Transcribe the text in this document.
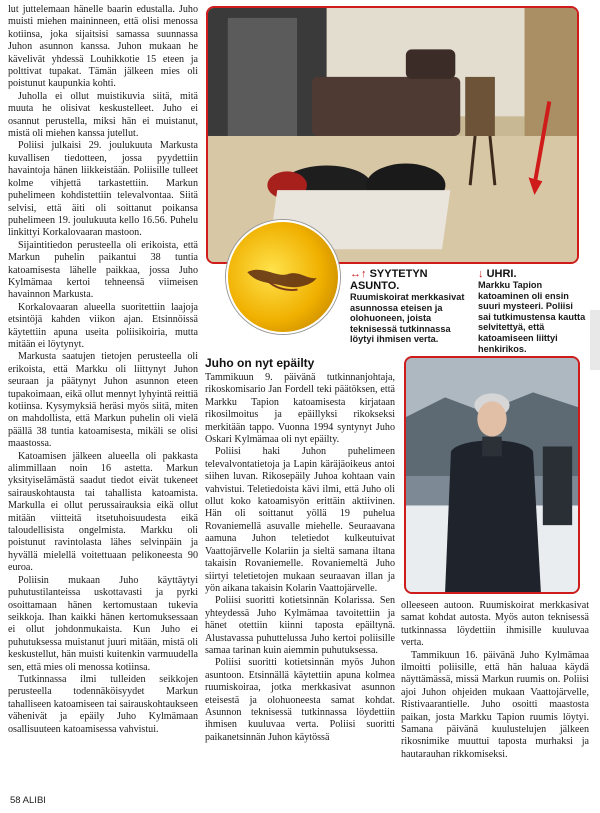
lut juttelemaan hänelle baarin edustalla. Juho muisti miehen maininneen, että olisi menossa kotiinsa, joka sijaitsisi samassa suunnassa Juhon asunnon kanssa. Juhon mukaan he kävelivät yhdessä Louhikkotie 15 eteen ja polttivat tupakat. Tämän jälkeen mies oli poistunut kaupunkia kohti.

Juholla ei ollut muistikuvia siitä, mitä muuta he olisivat keskustelleet. Juho ei osannut perustella, miksi hän ei muistanut, mistä oli miehen kanssa jutellut.

Poliisi julkaisi 29. joulukuuta Markusta kuvallisen tiedotteen, jossa pyydettiin havaintoja hänen liikkeistään. Poliisille tulleet kolme vihjettä tarkastettiin. Markun puhelimeen kohdistettiin televalvontaa. Siitä selvisi, että äiti oli soittanut poikansa puhelimeen 19. joulukuuta kello 16.56. Puhelu linkittyi Korkalovaaran mastoon.

Sijaintitiedon perusteella oli erikoista, että Markun puhelin paikantui 38 tuntia katoamisesta lähelle paikkaa, jossa Juho Kylmämaa kertoi tehneensä viimeisen havainnon Markusta.

Korkalovaaran alueella suoritettiin laajoja etsintöjä kahden viikon ajan. Etsinnöissä käytettiin apuna useita poliisikoiria, mutta mitään ei löytynyt.

Markusta saatujen tietojen perusteella oli erikoista, että Markku oli liittynyt Juhon seuraan ja päätynyt Juhon asunnon eteen tupakoimaan, eikä ollut mennyt lyhyintä reittiä kotiinsa. Kysymyksiä heräsi myös siitä, miten on mahdollista, että Markun puhelin oli vielä päällä 38 tuntia katoamisesta, mikäli se olisi maastossa.

Katoamisen jälkeen alueella oli pakkasta alimmillaan noin 16 astetta. Markun yksityiselämästä saadut tiedot eivät tukeneet sairauskohtausta tai tahallista katoamista. Markulla ei ollut perussairauksia eikä ollut mitään viitteitä itsetuhoisuudesta eikä taloudellisista ongelmista. Markku oli poistunut ravintolasta lähes selvinpäin ja hyvällä mielellä voitettuaan pelikoneesta 90 euroa.

Poliisin mukaan Juho käyttäytyi puhutustilanteissa uskottavasti ja pyrki osoittamaan hänen kertomustaan tukevia seikkoja. Ihan kaikki hänen kertomuksessaan ei ollut johdonmukaista. Kun Juho ei puhutuksessa muistanut juuri mitään, mistä oli keskustellut, hän muisti kuitenkin varmuudella sen, että mies oli menossa kotiinsa.

Tutkinnassa ilmi tulleiden seikkojen perusteella todennäköisyydet Markun tahalliseen katoamiseen tai sairauskohtaukseen vähenivät ja epäily Juho Kylmämaan osallisuuteen katoamisessa vahvistui.

↔↑ SYYTETYN ASUNTO.
Ruumiskoirat merkkasivat asunnossa eteisen ja olohuoneen, joista teknisessä tutkinnassa löytyi ihmisen verta.
↓ UHRI.
Markku Tapion katoaminen oli ensin suuri mysteeri. Poliisi sai tutkimustensa kautta selvitettyä, että katoamiseen liittyi henkirikos.
Juho on nyt epäilty

Tammikuun 9. päivänä tutkinnanjohtaja, rikoskomisario Jan Fordell teki päätöksen, että Markku Tapion katoamisesta kirjataan rikosilmoitus ja epäillyksi rikokseksi merkitään tappo. Vuonna 1994 syntynyt Juho Oskari Kylmämaa oli nyt epäilty.

Poliisi haki Juhon puhelimeen televalvontatietoja ja Lapin käräjäoikeus antoi siihen luvan. Rikosepäily Juhoa kohtaan vain vahvistui. Teletiedoista kävi ilmi, että Juho oli ollut koko katoamisyön erittäin aktiivinen. Hän oli soittanut yöllä 19 puhelua Rovaniemellä asuvalle miehelle. Seuraavana aamuna Juhon teletiedot kulkeutuivat Vaattojärvelle Kolariin ja sieltä samana iltana takaisin Rovaniemelle. Rovaniemeltä Juho siirtyi teletietojen mukaan seuraavan illan ja yön aikana takaisin Kolarin Vaattojärvelle.

Poliisi suoritti kotietsinnän Kolarissa. Sen yhteydessä Juho Kylmämaa tavoitettiin ja hänet otettiin kiinni taposta epäiltynä. Alustavassa puhuttelussa Juho kertoi poliisille samaa tarinan kuin aiemmin puhutuksessa.

Poliisi suoritti kotietsinnän myös Juhon asuntoon. Etsinnällä käytettiin apuna kolmea ruumiskoiraa, jotka merkkasivat asunnon eteisestä ja olohuoneesta samat kohdat. Asunnon teknisessä tutkinnassa löydettiin ihmisen kuuluvaa verta. Poliisi suoritti paikanetsinnän Juhon käytössä

olleeseen autoon. Ruumiskoirat merkkasivat samat kohdat autosta. Myös auton teknisessä tutkinnassa löydettiin ihmisille kuuluvaa verta.

Tammikuun 16. päivänä Juho Kylmämaa ilmoitti poliisille, että hän haluaa käydä näyttämässä, missä Markun ruumis on. Poliisi ajoi Juhon ohjeiden mukaan Vaattojärvelle, Ristivaarantielle. Juho osoitti maastosta paikan, josta Markku Tapion ruumis löytyi. Samana päivänä kuulustelujen jälkeen rikosnimike muuttui taposta murhaksi ja hautarauhan rikkomiseksi.

58 ALIBI
